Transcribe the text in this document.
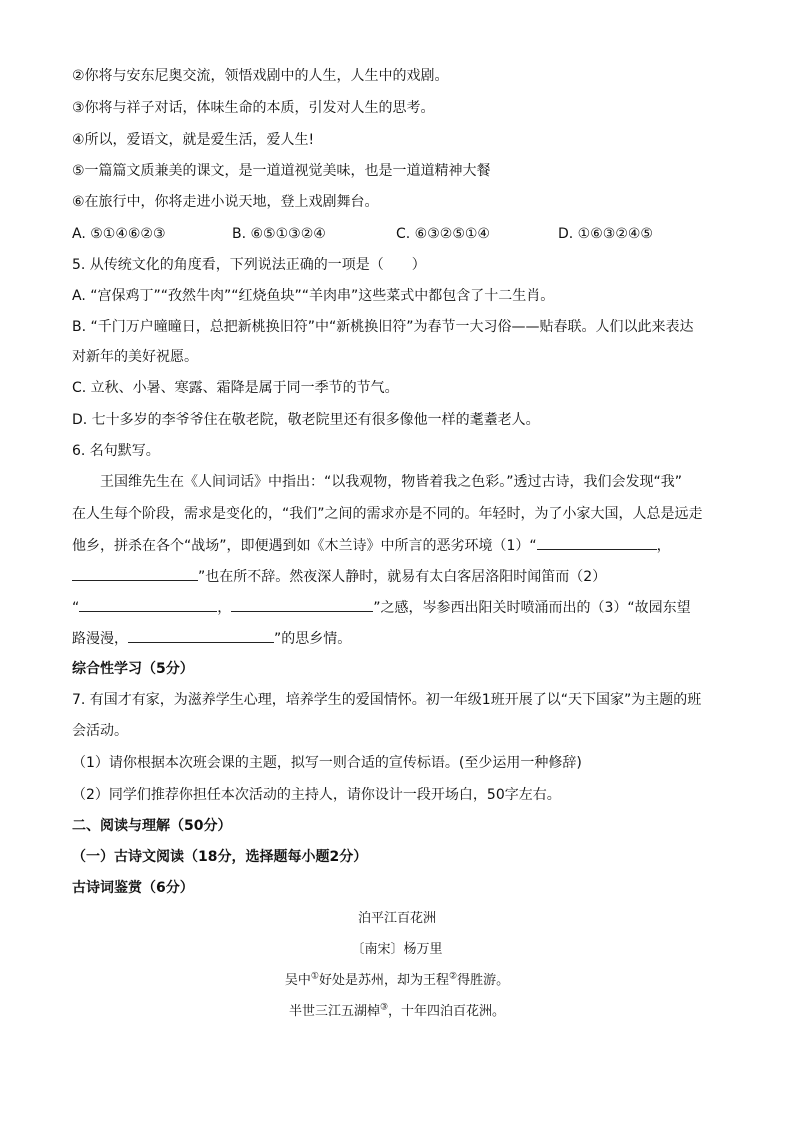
②你将与安东尼奥交流，领悟戏剧中的人生，人生中的戏剧。
③你将与祥子对话，体味生命的本质，引发对人生的思考。
④所以，爱语文，就是爱生活，爱人生!
⑤一篇篇文质兼美的课文，是一道道视觉美味，也是一道道精神大餐
⑥在旅行中，你将走进小说天地，登上戏剧舞台。
A. ⑤①④⑥②③	B. ⑥⑤①③②④	C. ⑥③②⑤①④	D. ①⑥③②④⑤
5. 从传统文化的角度看，下列说法正确的一项是（　　）
A. “宫保鸡丁”“孜然牛肉”“红烧鱼块”“羊肉串”这些菜式中都包含了十二生肖。
B. “千门万户曈曈日，总把新桃换旧符”中“新桃换旧符”为春节一大习俗——贴春联。人们以此来表达
对新年的美好祝愿。
C. 立秋、小暑、寒露、霜降是属于同一季节的节气。
D. 七十多岁的李爷爷住在敬老院，敬老院里还有很多像他一样的耄耋老人。
6. 名句默写。
王国维先生在《人间词话》中指出：“以我观物，物皆着我之色彩。”透过古诗，我们会发现“我”
在人生每个阶段，需求是变化的，“我们”之间的需求亦是不同的。年轻时，为了小家大国，人总是远走
他乡，拼杀在各个“战场”，即便遇到如《木兰诗》中所言的恶劣环境（1）“	，
”也在所不辞。然夜深人静时，就易有太白客居洛阳时闻笛而（2）
“	，	”之感，岑参西出阳关时喷涌而出的（3）“故园东望
路漫漫，	”的思乡情。
综合性学习（5分）
7. 有国才有家，为滋养学生心理，培养学生的爱国情怀。初一年级1班开展了以“天下国家”为主题的班
会活动。
（1）请你根据本次班会课的主题，拟写一则合适的宣传标语。(至少运用一种修辞)
（2）同学们推荐你担任本次活动的主持人，请你设计一段开场白，50字左右。
二、阅读与理解（50分）
（一）古诗文阅读（18分，选择题每小题2分）
古诗词鉴赏（6分）
泊平江百花洲
〔南宋〕杨万里
吴中①好处是苏州，却为王程②得胜游。
半世三江五湖棹③，十年四泊百花洲。
